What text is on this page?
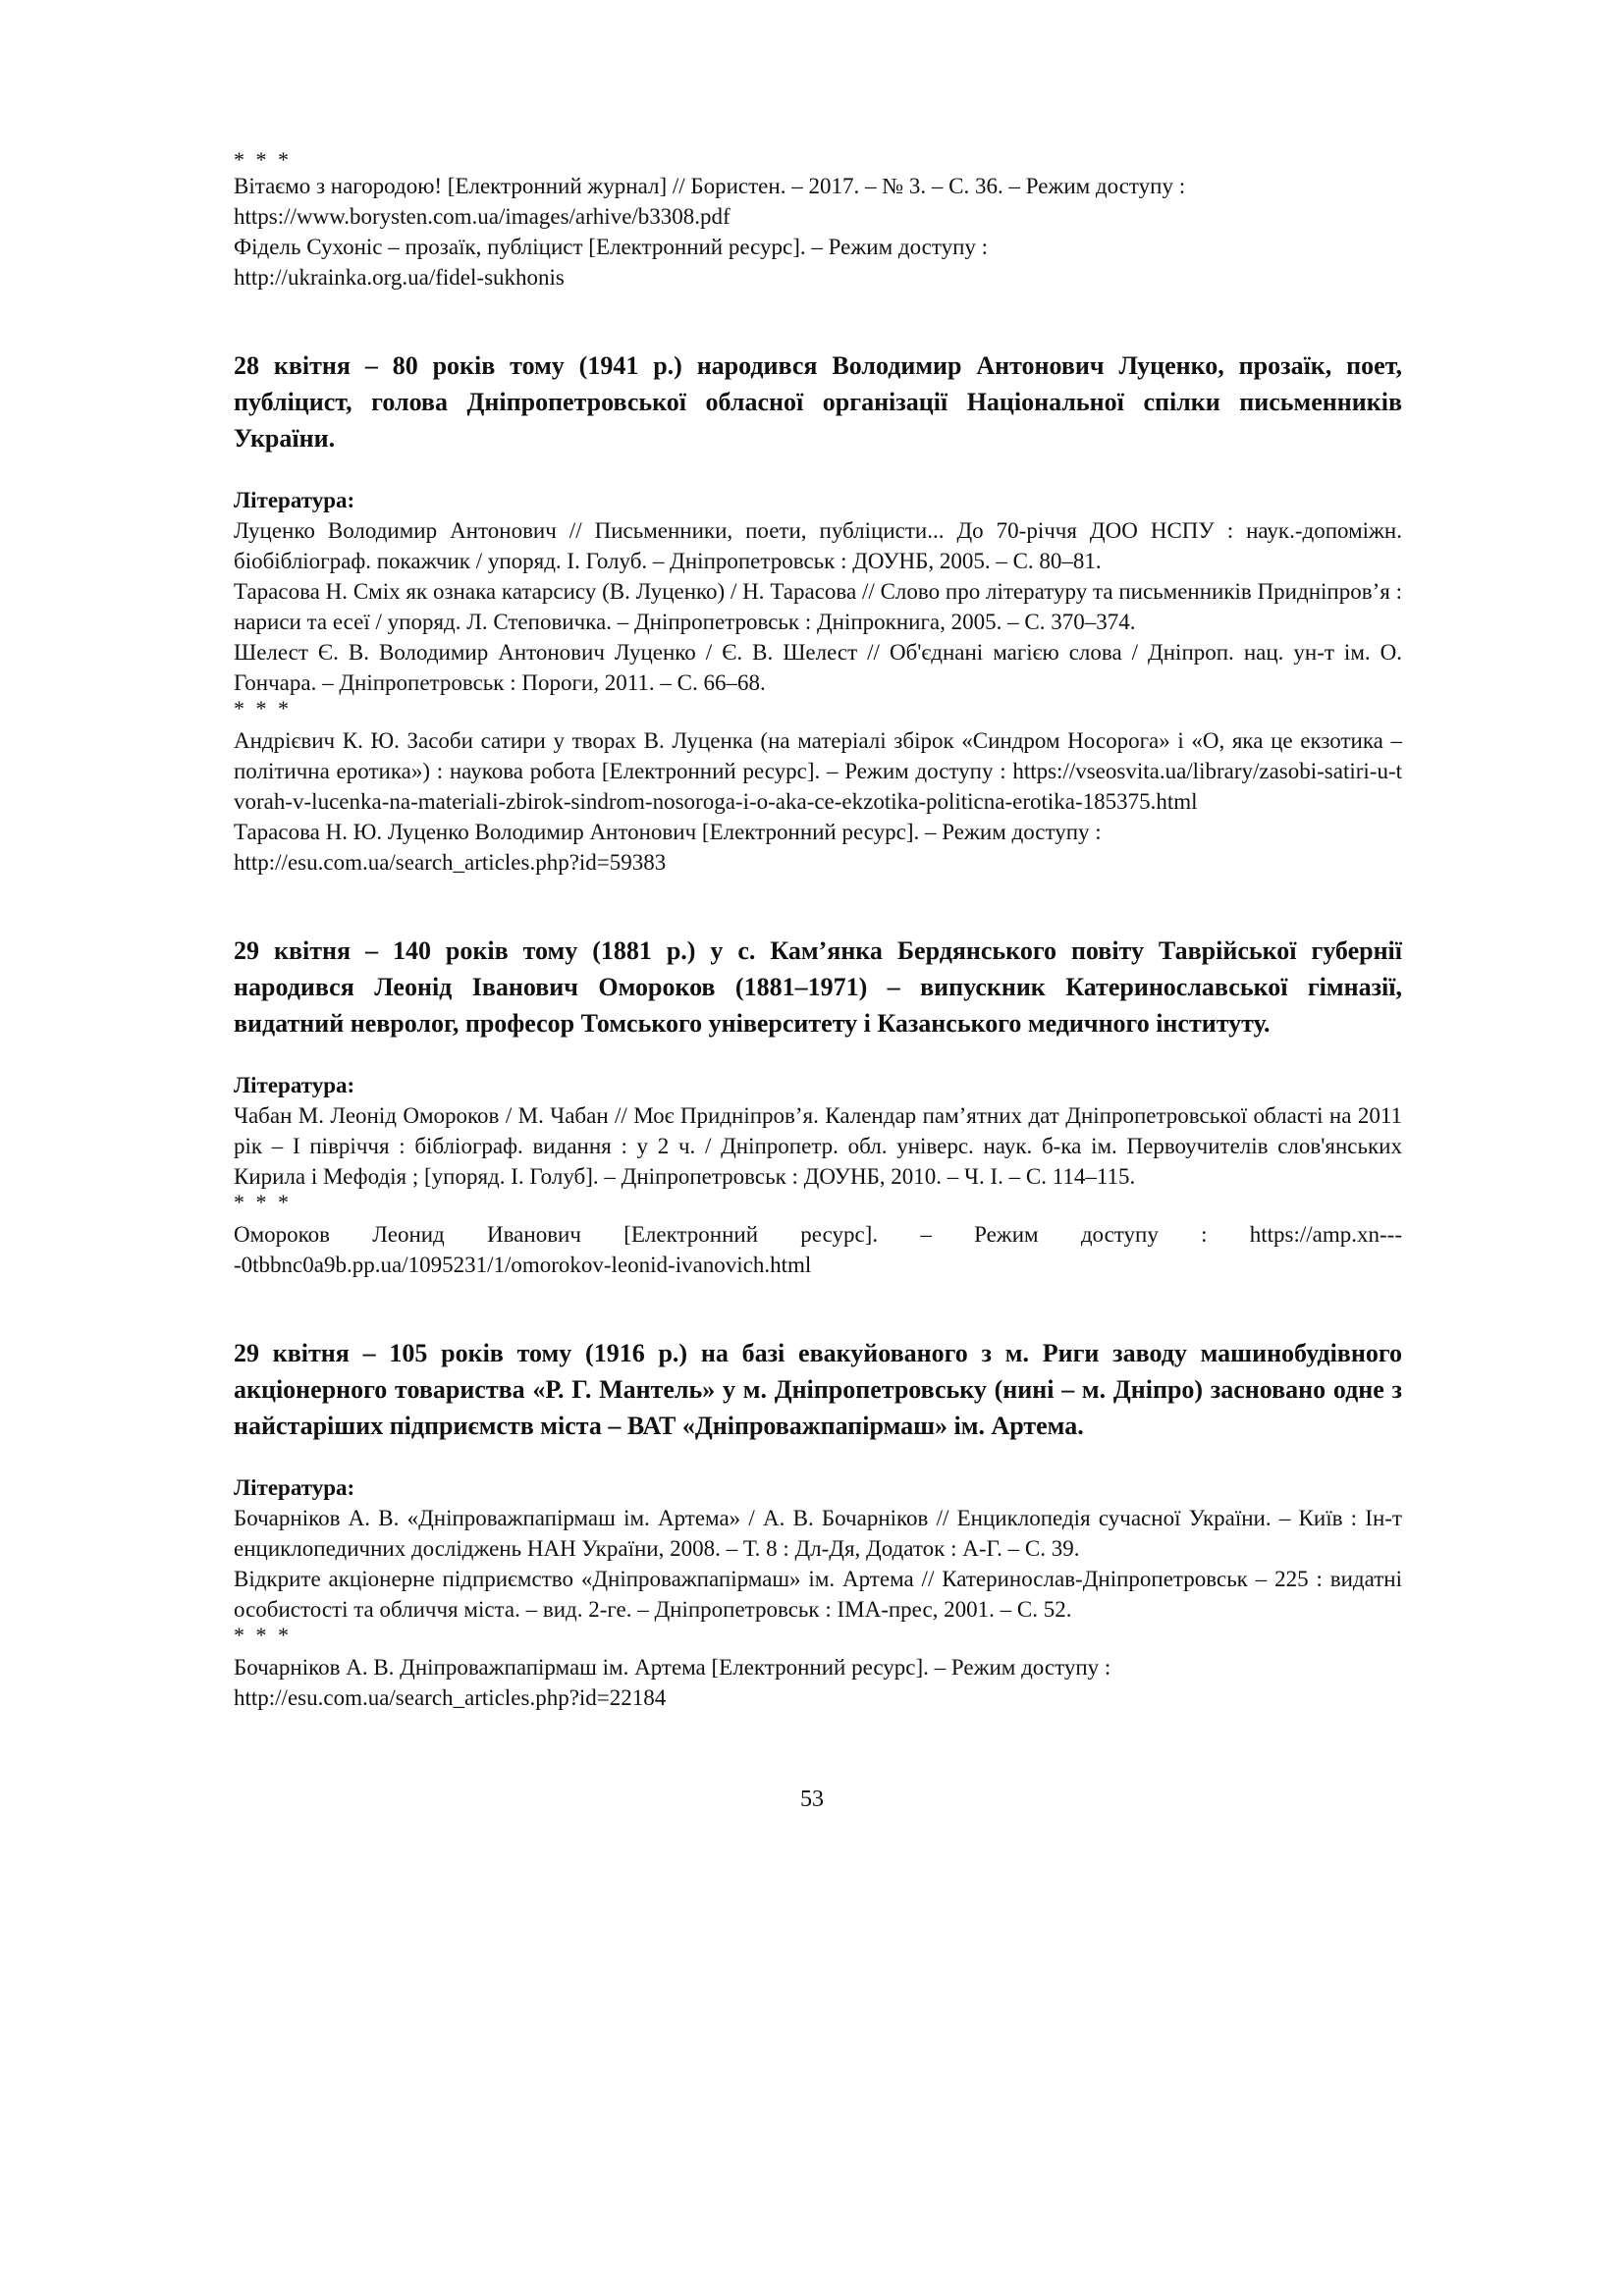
* * *

Вітаємо з нагородою! [Електронний журнал] // Бористен. – 2017. – № 3. – С. 36. – Режим доступу :
https://www.borysten.com.ua/images/arhive/b3308.pdf

Фідель Сухоніс – прозаїк, публіцист [Електронний ресурс]. – Режим доступу :
http://ukrainka.org.ua/fidel-sukhonis

28 квітня – 80 років тому (1941 р.) народився Володимир Антонович Луценко, прозаїк, поет, публіцист, голова Дніпропетровської обласної організації Національної спілки письменників України.

Література:

Луценко Володимир Антонович // Письменники, поети, публіцисти... До 70-річчя ДОО НСПУ : наук.-допоміжн. біобібліограф. покажчик / упоряд. І. Голуб. – Дніпропетровськ : ДОУНБ, 2005. – С. 80–81.

Тарасова Н. Сміх як ознака катарсису (В. Луценко) / Н. Тарасова // Слово про літературу та письменників Придніпров’я : нариси та есеї / упоряд. Л. Степовичка. – Дніпропетровськ : Дніпрокнига, 2005. – С. 370–374.

Шелест Є. В. Володимир Антонович Луценко / Є. В. Шелест // Об'єднані магією слова / Дніпроп. нац. ун-т ім. О. Гончара. – Дніпропетровськ : Пороги, 2011. – С. 66–68.

* * *

Андрієвич К. Ю. Засоби сатири у творах В. Луценка (на матеріалі збірок «Синдром Носорога» і «О, яка це екзотика – політична еротика») : наукова робота [Електронний ресурс]. – Режим доступу : https://vseosvita.ua/library/zasobi-satiri-u-tvorah-v-lucenka-na-materiali-zbirok-sindrom-nosoroga-i-o-aka-ce-ekzotika-politicna-erotika-185375.html

Тарасова Н. Ю. Луценко Володимир Антонович [Електронний ресурс]. – Режим доступу :
http://esu.com.ua/search_articles.php?id=59383

29 квітня – 140 років тому (1881 р.) у с. Кам’янка Бердянського повіту Таврійської губернії народився Леонід Іванович Омороков (1881–1971) – випускник Катеринославської гімназії, видатний невролог, професор Томського університету і Казанського медичного інституту.

Література:

Чабан М. Леонід Омороков / М. Чабан // Моє Придніпров’я. Календар пам’ятних дат Дніпропетровської області на 2011 рік – І півріччя : бібліограф. видання : у 2 ч. / Дніпропетр. обл. універс. наук. б-ка ім. Первоучителів слов'янських Кирила і Мефодія ; [упоряд. І. Голуб]. – Дніпропетровськ : ДОУНБ, 2010. – Ч. І. – С. 114–115.

* * *

Омороков Леонид Иванович [Електронний ресурс]. – Режим доступу : https://amp.xn----0tbbnc0a9b.pp.ua/1095231/1/omorokov-leonid-ivanovich.html

29 квітня – 105 років тому (1916 р.) на базі евакуйованого з м. Риги заводу машинобудівного акціонерного товариства «Р. Г. Мантель» у м. Дніпропетровську (нині – м. Дніпро) засновано одне з найстаріших підприємств міста – ВАТ «Дніпроважпапірмаш» ім. Артема.

Література:

Бочарніков А. В. «Дніпроважпапірмаш ім. Артема» / А. В. Бочарніков // Енциклопедія сучасної України. – Київ : Ін-т енциклопедичних досліджень НАН України, 2008. – Т. 8 : Дл-Дя, Додаток : А-Г. – С. 39.

Відкрите акціонерне підприємство «Дніпроважпапірмаш» ім. Артема // Катеринослав-Дніпропетровськ – 225 : видатні особистості та обличчя міста. – вид. 2-ге. – Дніпропетровськ : ІМА-прес, 2001. – С. 52.

* * *

Бочарніков А. В. Дніпроважпапірмаш ім. Артема [Електронний ресурс]. – Режим доступу :
http://esu.com.ua/search_articles.php?id=22184

53
